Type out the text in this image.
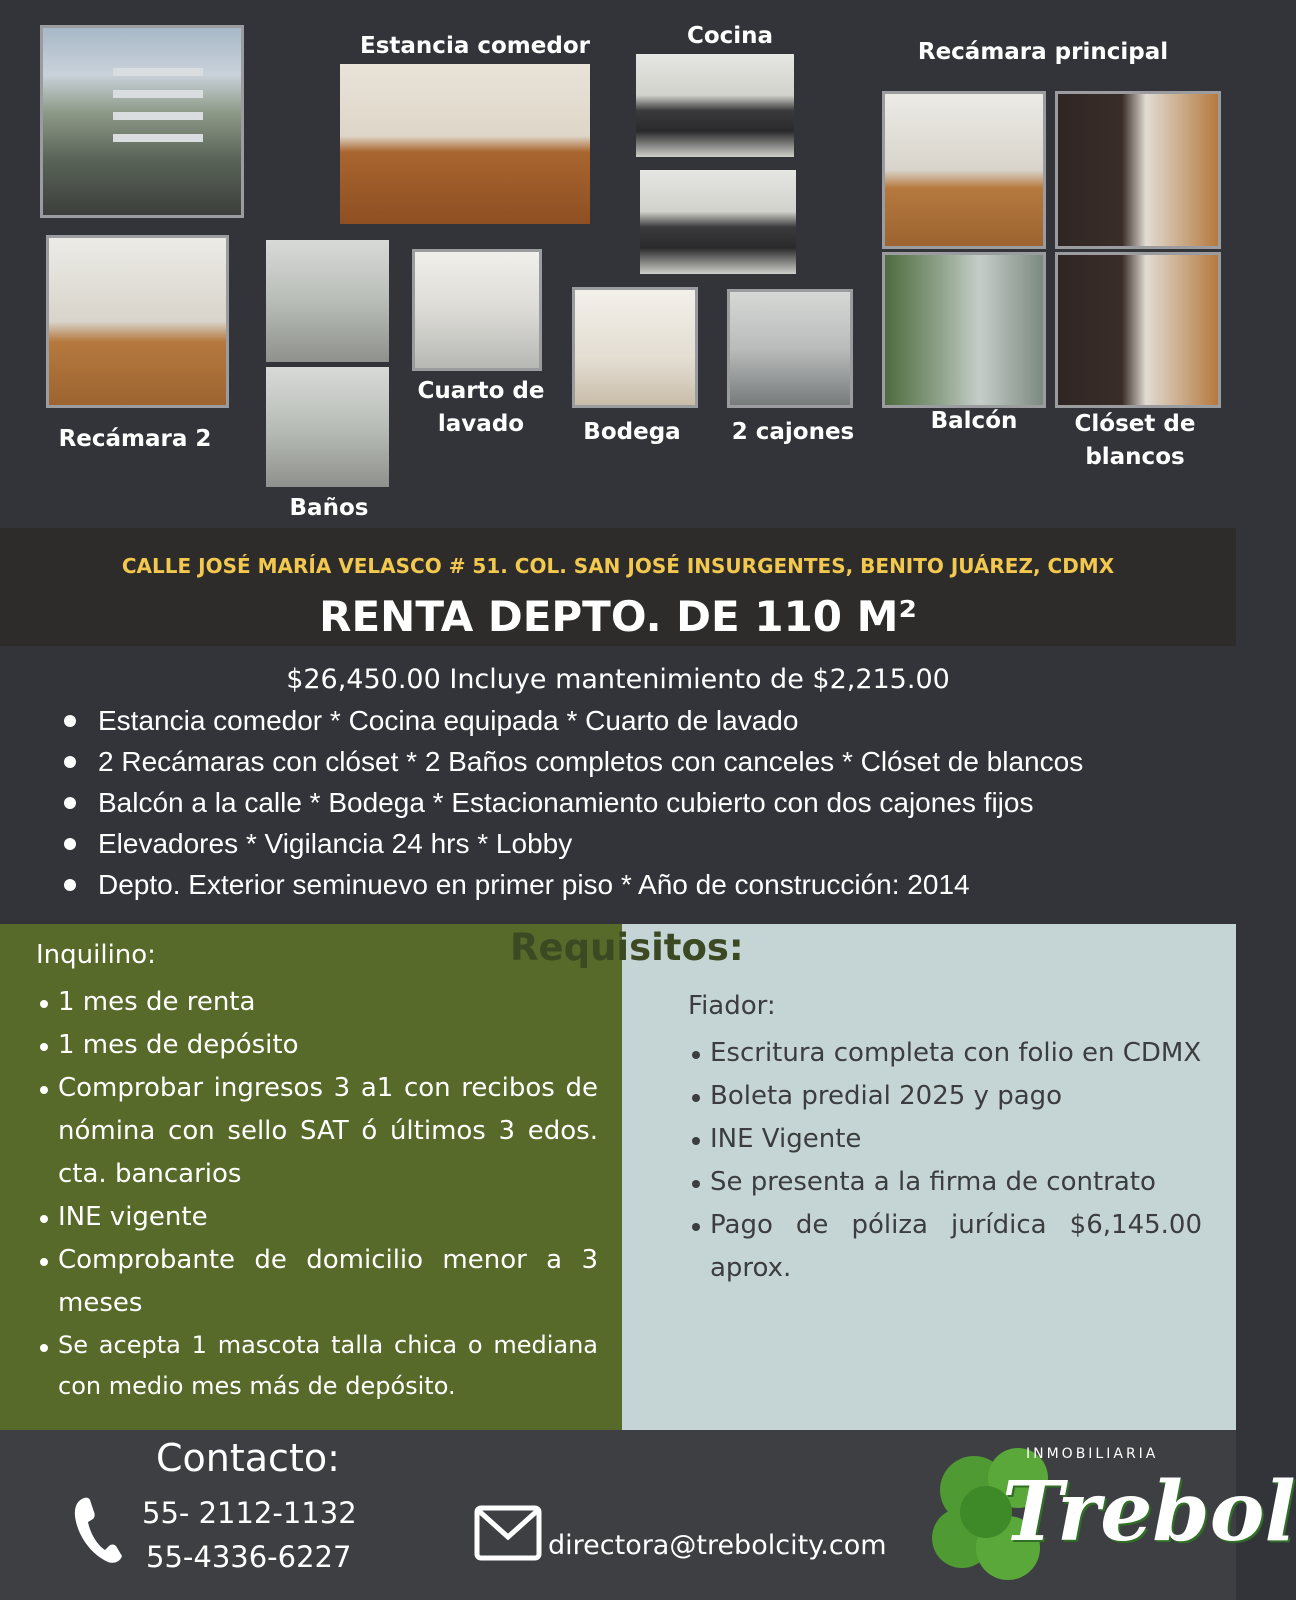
Estancia comedor	Cocina
Recámara principal
Balcón	Clóset de blancos
Recámara 2
Baños
Cuarto de lavado	Bodega	2 cajones
CALLE JOSÉ MARÍA VELASCO # 51. COL. SAN JOSÉ INSURGENTES, BENITO JUÁREZ, CDMX
RENTA DEPTO. DE 110 M²
$26,450.00 Incluye mantenimiento de $2,215.00
Estancia comedor * Cocina equipada * Cuarto de lavado
2 Recámaras con clóset * 2 Baños completos con canceles * Clóset de blancos
Balcón a la calle * Bodega * Estacionamiento cubierto con dos cajones fijos
Elevadores * Vigilancia 24 hrs * Lobby
Depto. Exterior seminuevo en primer piso * Año de construcción: 2014
Requisitos:
Inquilino:
1 mes de renta
1 mes de depósito
Comprobar ingresos 3 a1 con recibos de nómina con sello SAT ó últimos 3 edos. cta. bancarios
INE vigente
Comprobante de domicilio menor a 3 meses
Se acepta 1 mascota talla chica o mediana con medio mes más de depósito.
Fiador:
Escritura completa con folio en CDMX
Boleta predial 2025 y pago
INE Vigente
Se presenta a la firma de contrato
Pago de póliza jurídica $6,145.00 aprox.
Contacto:
55- 2112-1132
55-4336-6227	directora@trebolcity.com
INMOBILIARIA
Trebol
